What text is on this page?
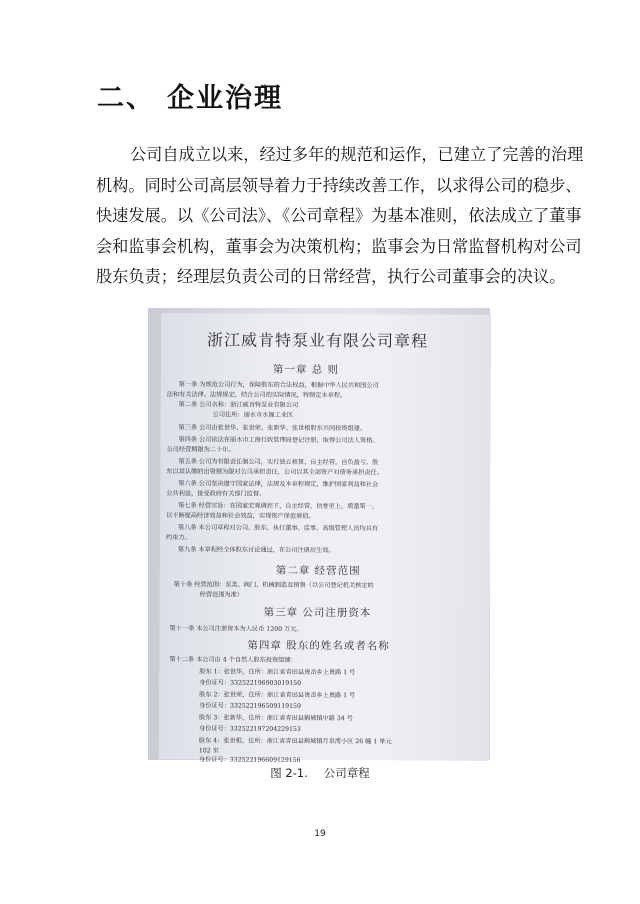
二、 企业治理
公司自成立以来，经过多年的规范和运作，已建立了完善的治理
机构。同时公司高层领导着力于持续改善工作，以求得公司的稳步、
快速发展。以《公司法》、《公司章程》为基本准则，依法成立了董事
会和监事会机构，董事会为决策机构；监事会为日常监督机构对公司
股东负责；经理层负责公司的日常经营，执行公司董事会的决议。
浙江威肯特泵业有限公司章程
第一章 总 则
第一条 为规范公司行为，保障股东的合法权益，根据中华人民共和国公司
法和有关法律、法规规定，结合公司的实际情况，特制定本章程。
第二条 公司名称：浙江威肯特泵业有限公司
公司住所：丽水市水阁工业区
第三条 公司由张世华、张世荣、张新华、张世根股东共同投资组建。
第四条 公司依法在丽水市工商行政管理局登记注册，取得公司法人资格。
公司经营期限为二十年。
第五条 公司为有限责任制公司，实行独立核算，自主经营，自负盈亏。股
东以其认缴的出资额为限对公司承担责任，公司以其全部资产对债务承担责任。
第六条 公司坚决遵守国家法律，法规及本章程规定，维护国家利益和社会
公共利益，接受政府有关部门监督。
第七条 经营宗旨：在国家宏观调控下，自主经营，信誉至上，质量第一，
以不断提高经济效益和社会效益，实现资产保值增值。
第八条 本公司章程对公司、股东、执行董事、监事、高级管理人员均具有
约束力。
第九条 本章程经全体股东讨论通过，在公司注册后生效。
第二章 经营范围
第十条 经营范围：泵类、阀门、机械制造及销售（以公司登记机关核定的
经营范围为准）
第三章 公司注册资本
第十一条 本公司注册资本为人民币 1200 万元。
第四章 股东的姓名或者名称
第十二条 本公司由 4 个自然人股东投资组建：
股东 1：张世华，住所：浙江省青田县贵岙乡上贵路 1 号
身份证号：332522196903019150
股东 2：张世荣，住所：浙江省青田县贵岙乡上贵路 1 号
身份证号：332522196509119159
股东 3：张新华，住所：浙江省青田县鹤城镇中路 34 号
身份证号：332522197204229153
股东 4：张世根，住所：浙江省青田县鹤城镇月泉湾小区 26 幢 1 单元
102 室
身份证号：332522196609129156
图 2-1. 公司章程
19
